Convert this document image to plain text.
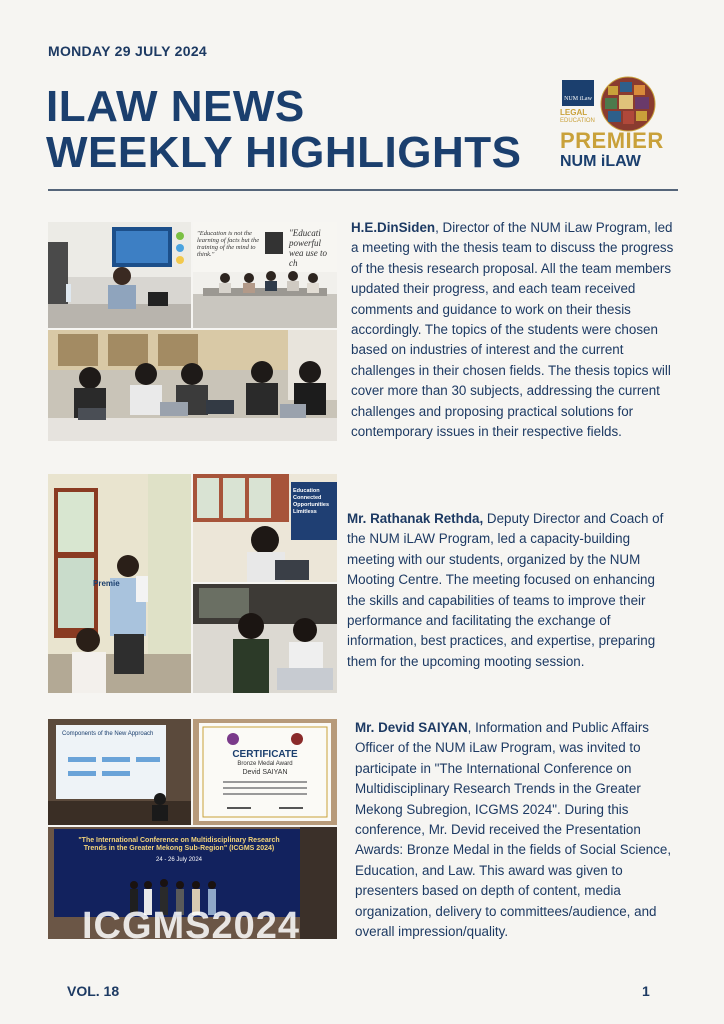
MONDAY 29 JULY 2024
ILAW NEWS
WEEKLY HIGHLIGHTS
NUM iLaw
LEGAL
EDUCATION
PREMIER
NUM iLAW
"Education is not the learning of facts but the training of the mind to think."
"Educati powerful wea use to ch
H.E.DinSiden, Director of the NUM iLaw Program, led a meeting with the thesis team to discuss the progress of the thesis research proposal. All the team members updated their progress, and each team received comments and guidance to work on their thesis accordingly. The topics of the students were chosen based on industries of interest and the current challenges in their chosen fields. The thesis topics will cover more than 30 subjects, addressing the current challenges and proposing practical solutions for contemporary issues in their respective fields.
Premie
Education Connected Opportunities Limitless	Mr. Rathanak Rethda, Deputy Director and Coach of the NUM iLAW Program, led a capacity-building meeting with our students, organized by the NUM Mooting Centre. The meeting focused on enhancing the skills and capabilities of teams to improve their performance and facilitating the exchange of information, best practices, and expertise, preparing them for the upcoming mooting session.
Components of the New Approach
CERTIFICATE
Bronze Medal Award
Devid SAIYAN
"The International Conference on Multidisciplinary Research Trends in the Greater Mekong Sub-Region" (ICGMS 2024)
24 - 26 July 2024
ICGMS2024
Mr. Devid SAIYAN, Information and Public Affairs Officer of the NUM iLaw Program, was invited to participate in "The International Conference on Multidisciplinary Research Trends in the Greater Mekong Subregion, ICGMS 2024". During this conference, Mr. Devid received the Presentation Awards: Bronze Medal in the fields of Social Science, Education, and Law. This award was given to presenters based on depth of content, media organization, delivery to committees/audience, and overall impression/quality.
VOL. 18	1
